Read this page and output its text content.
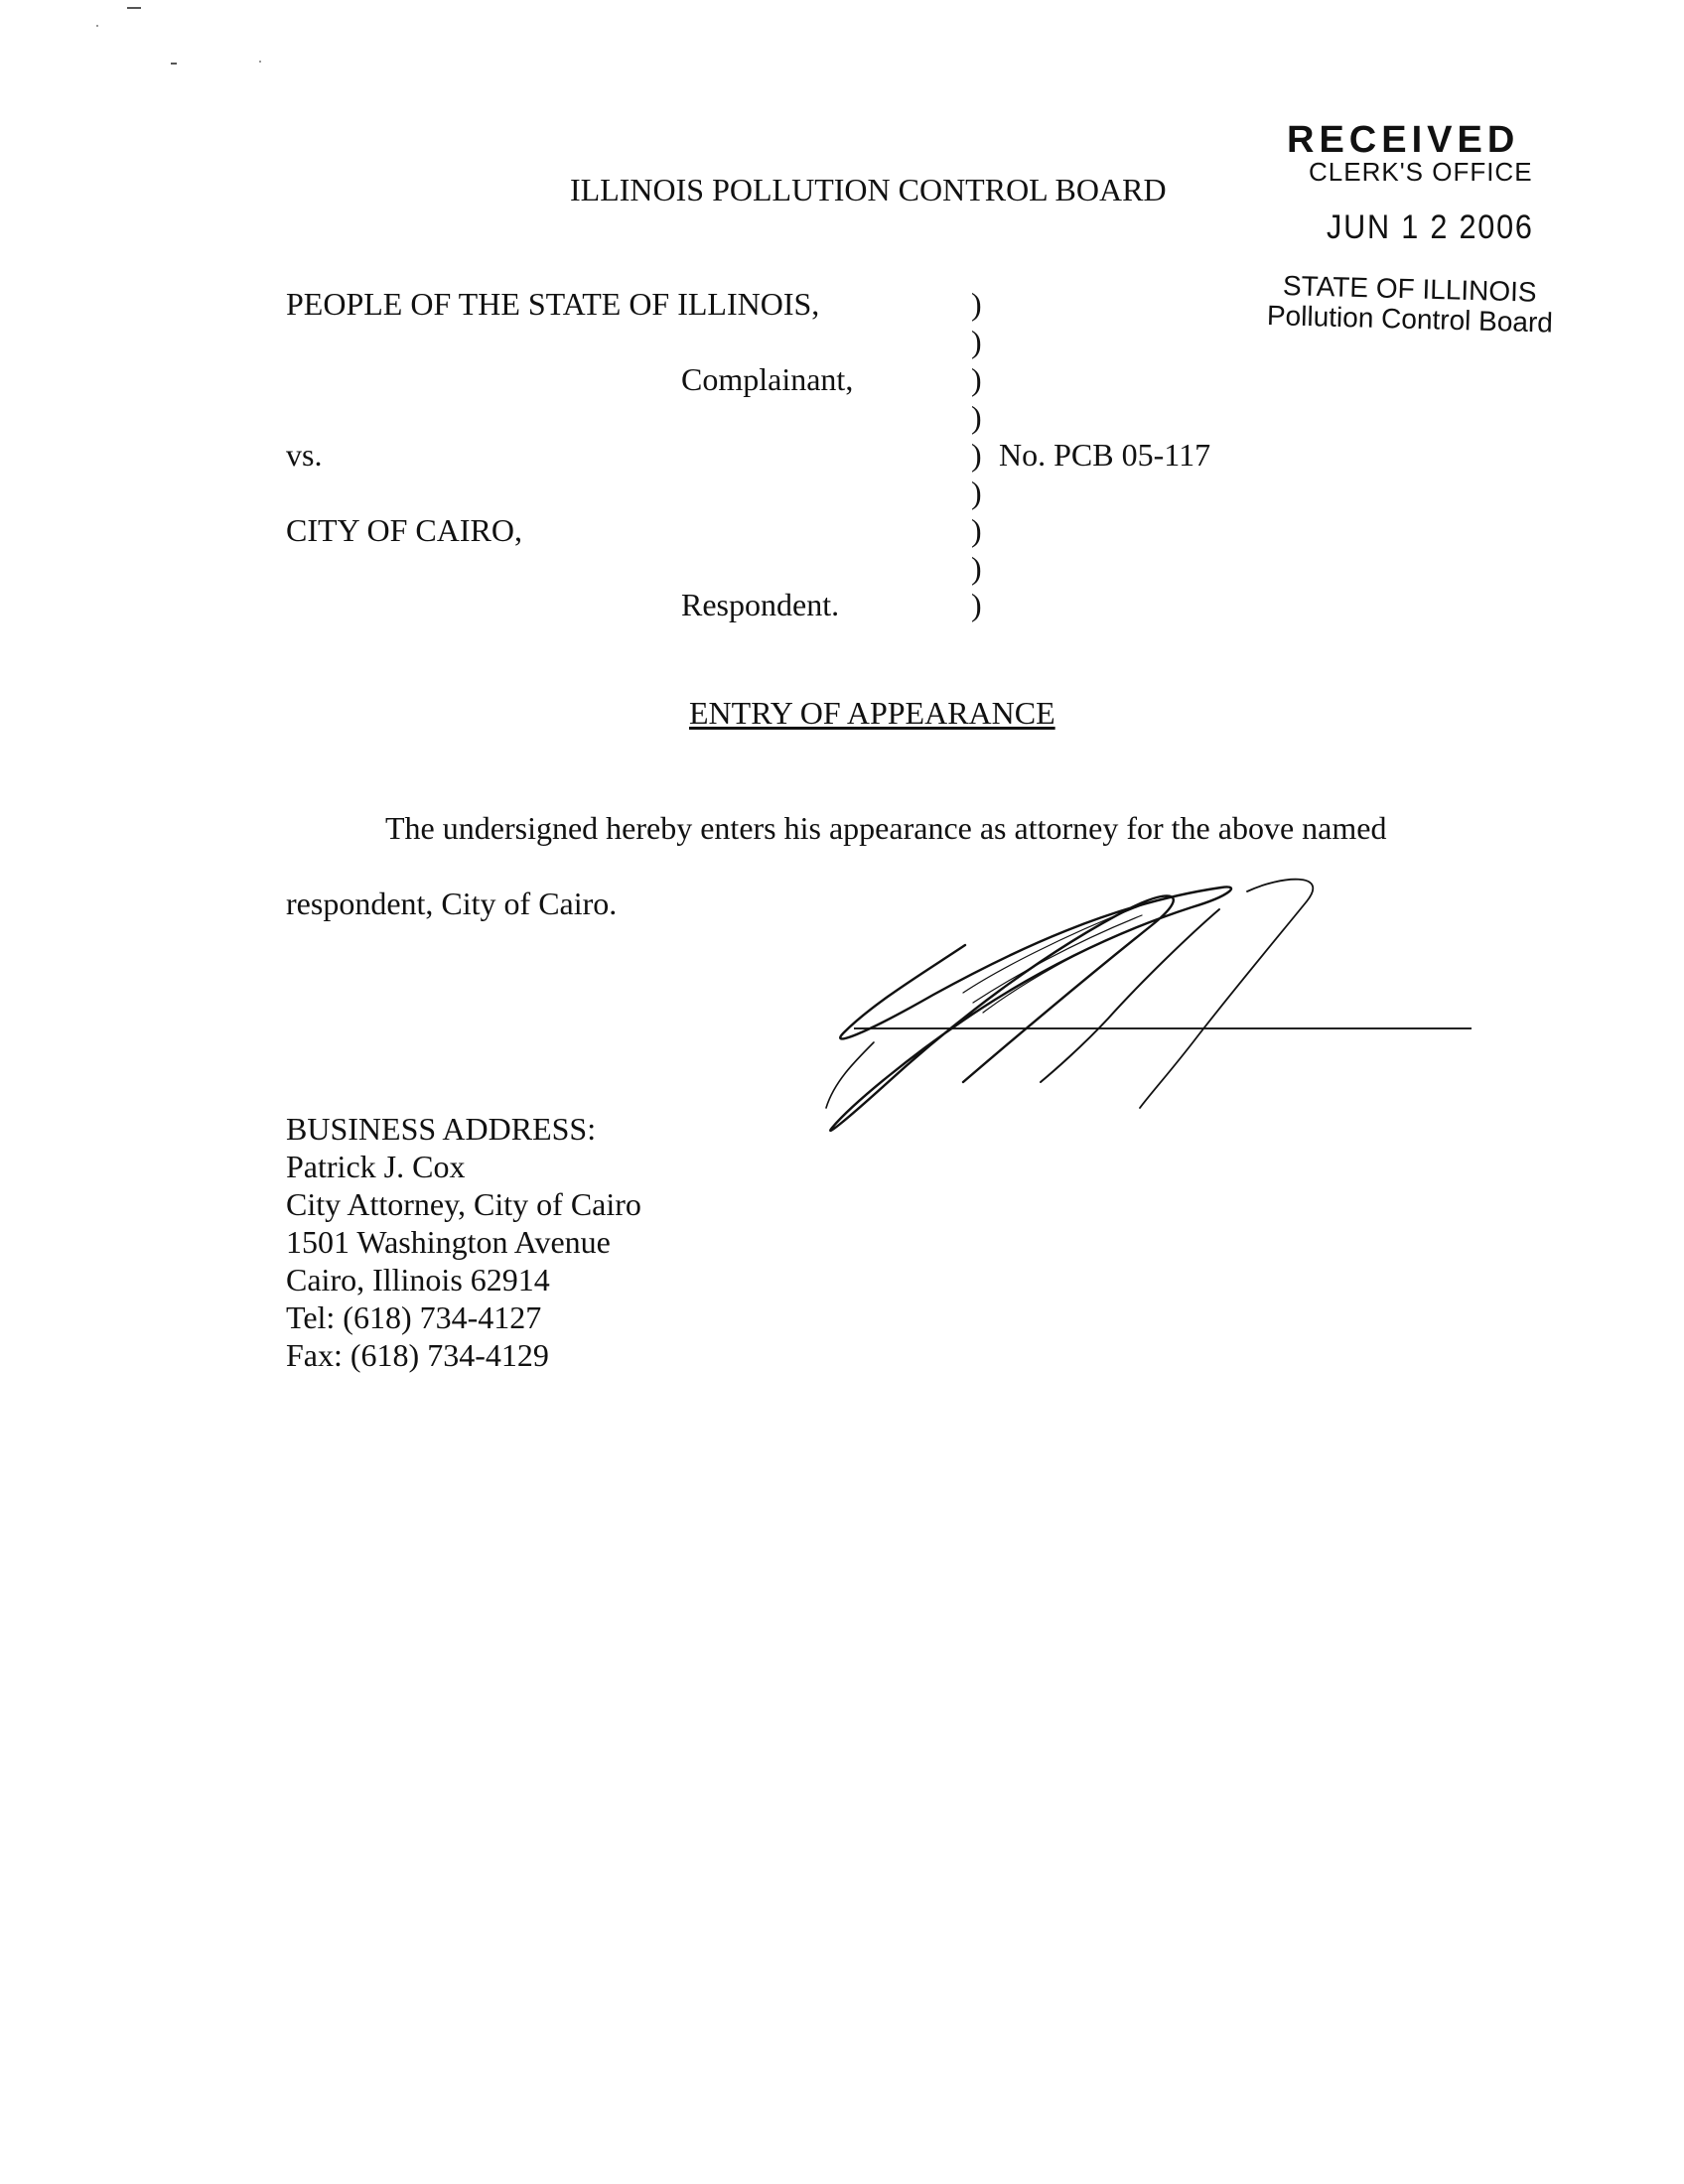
RECEIVED
CLERK'S OFFICE
JUN 1 2 2006
STATE OF ILLINOIS
Pollution Control Board
ILLINOIS POLLUTION CONTROL BOARD
PEOPLE OF THE STATE OF ILLINOIS,
Complainant,
vs.
CITY OF CAIRO,
Respondent.
)
)
)
)
)
)
)
)
)
No. PCB 05-117
ENTRY OF APPEARANCE
The undersigned hereby enters his appearance as attorney for the above named
respondent, City of Cairo.
BUSINESS ADDRESS:
Patrick J. Cox
City Attorney, City of Cairo
1501 Washington Avenue
Cairo, Illinois 62914
Tel: (618) 734-4127
Fax: (618) 734-4129
